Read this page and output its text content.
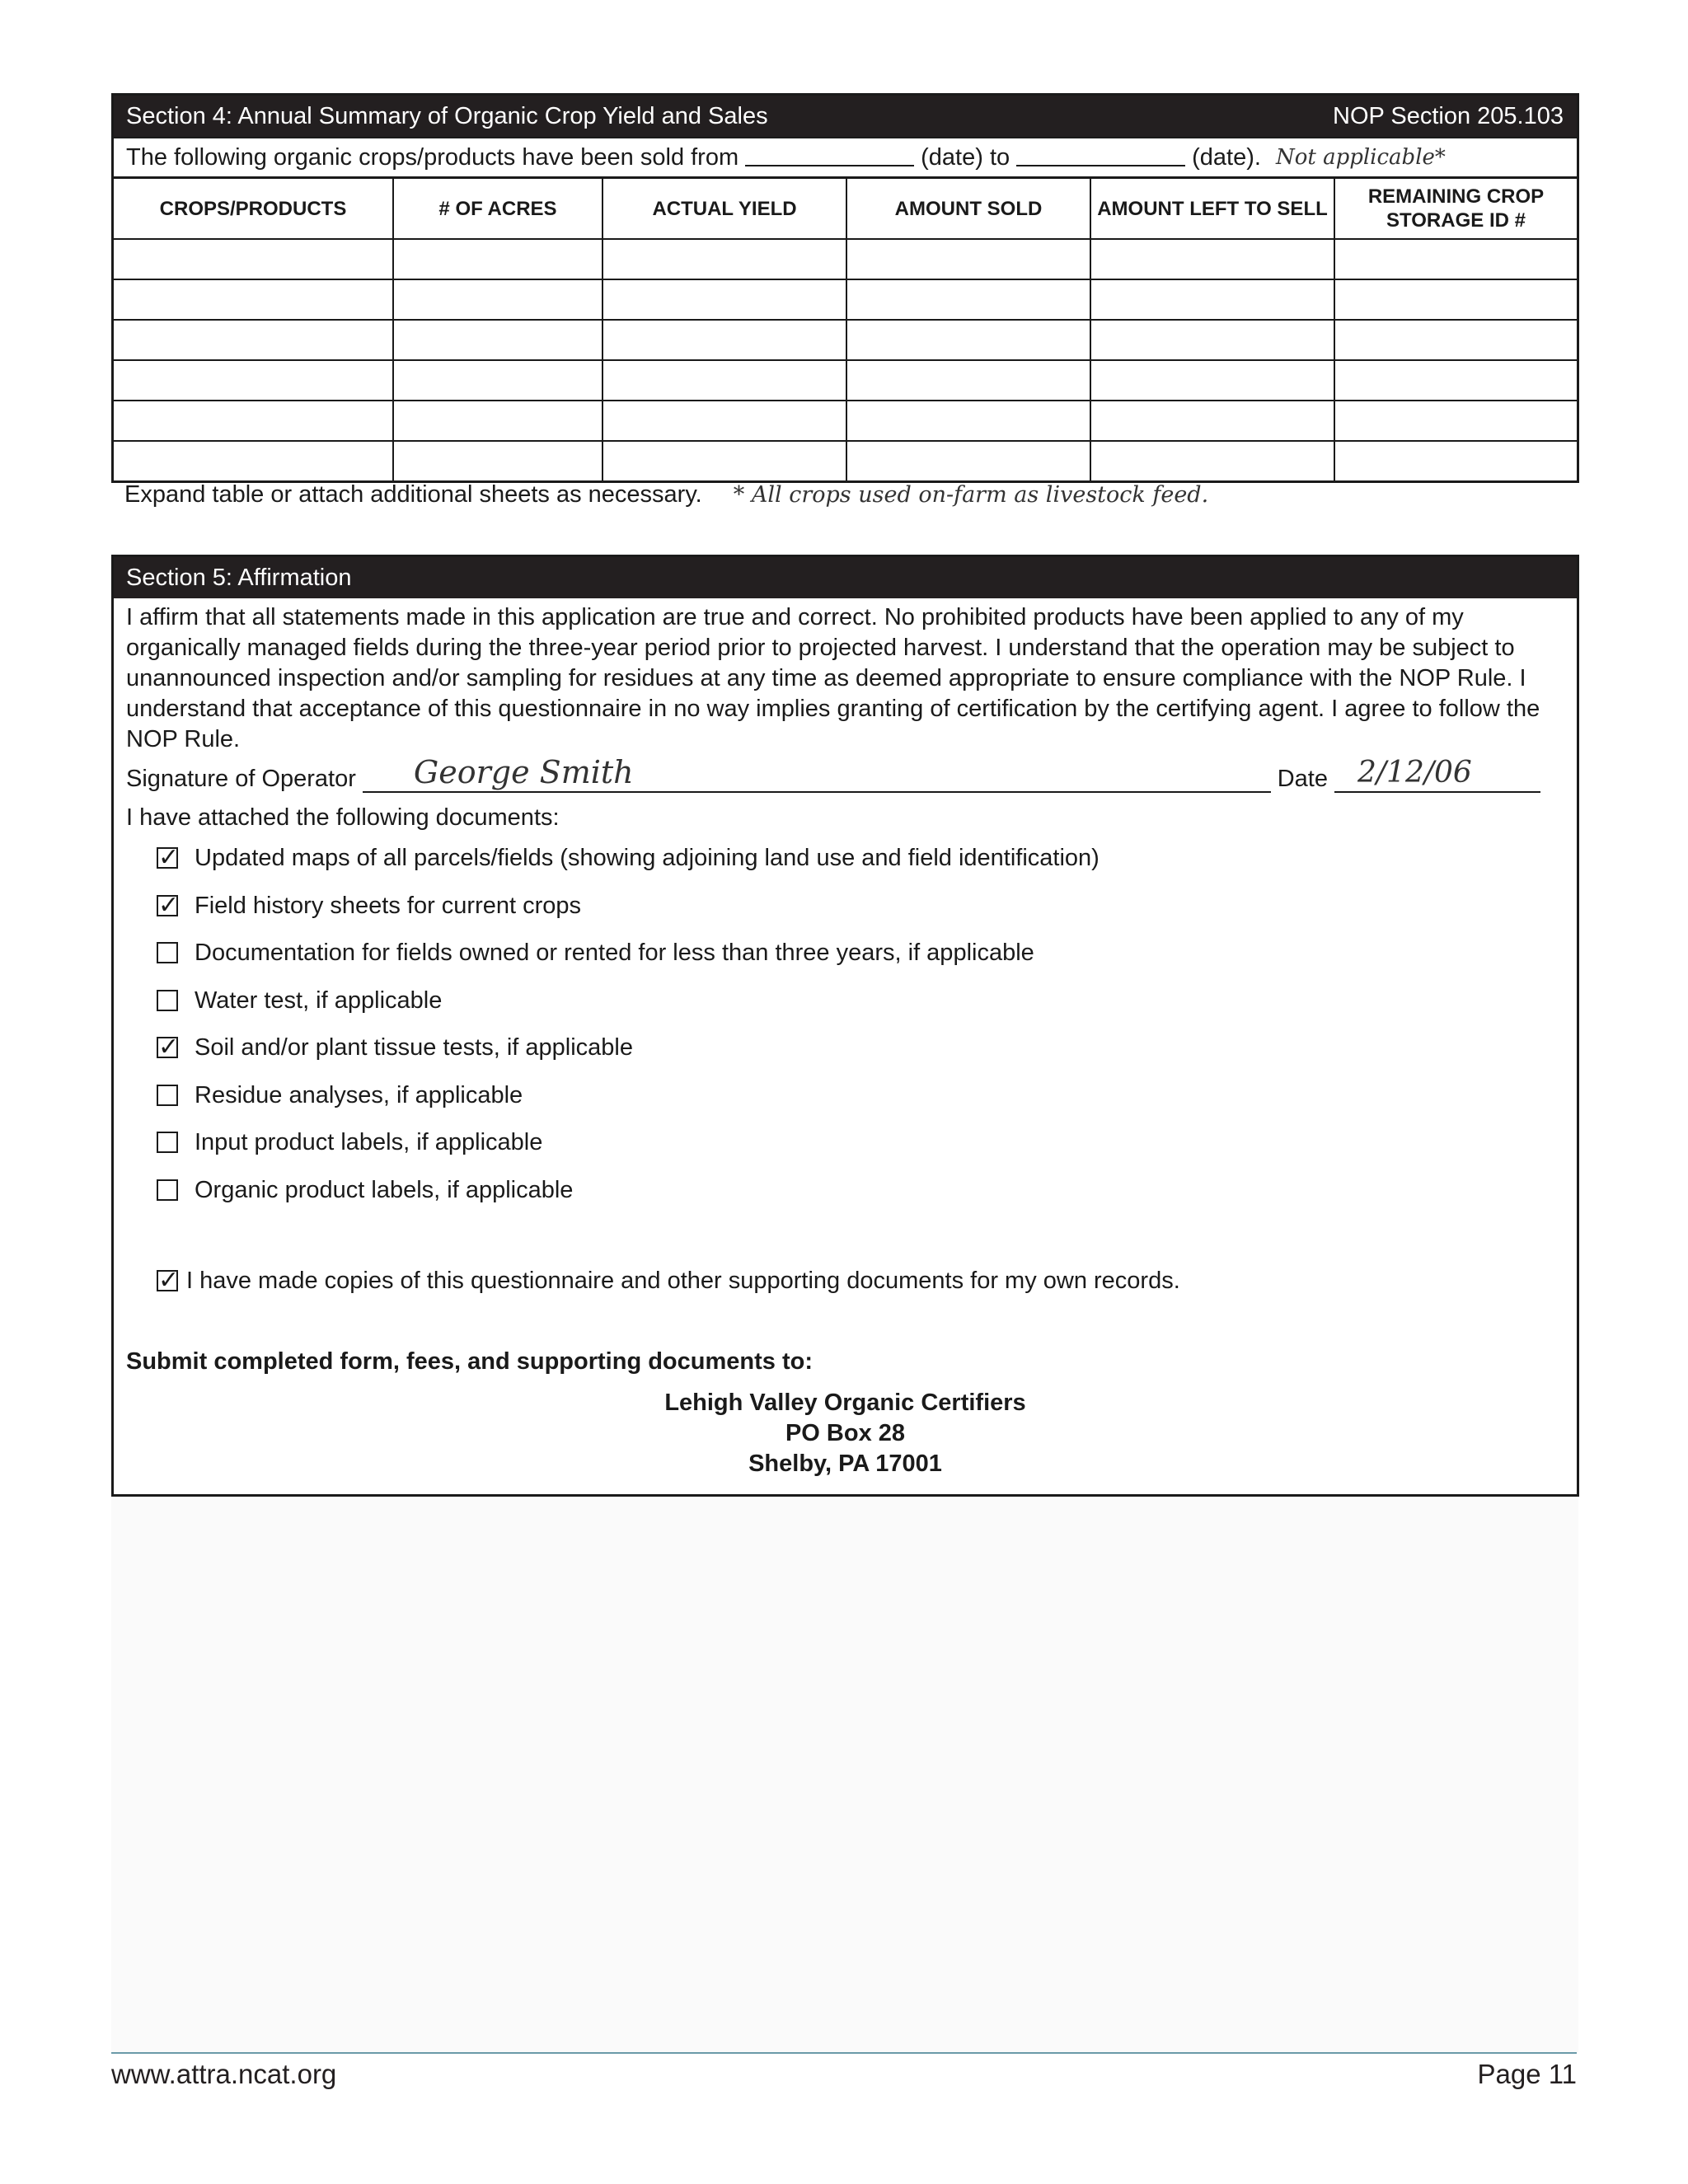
Section 4: Annual Summary of Organic Crop Yield and Sales	NOP Section 205.103
The following organic crops/products have been sold from	(date) to	(date). Not applicable*
CROPS/PRODUCTS	# OF ACRES	ACTUAL YIELD	AMOUNT SOLD	AMOUNT LEFT TO SELL	REMAINING CROP STORAGE ID #

Expand table or attach additional sheets as necessary. * All crops used on-farm as livestock feed.
Section 5: Affirmation
I affirm that all statements made in this application are true and correct. No prohibited products have been applied to any of my organically managed fields during the three-year period prior to projected harvest. I understand that the operation may be subject to unannounced inspection and/or sampling for residues at any time as deemed appropriate to ensure compliance with the NOP Rule. I understand that acceptance of this questionnaire in no way implies granting of certification by the certifying agent. I agree to follow the NOP Rule.
Signature of Operator George Smith	Date 2/12/06
I have attached the following documents:
✓ Updated maps of all parcels/fields (showing adjoining land use and field identification)
✓ Field history sheets for current crops
Documentation for fields owned or rented for less than three years, if applicable
Water test, if applicable
✓ Soil and/or plant tissue tests, if applicable
Residue analyses, if applicable
Input product labels, if applicable
Organic product labels, if applicable
✓ I have made copies of this questionnaire and other supporting documents for my own records.
Submit completed form, fees, and supporting documents to:
Lehigh Valley Organic Certifiers
PO Box 28
Shelby, PA 17001
www.attra.ncat.org	Page 11
